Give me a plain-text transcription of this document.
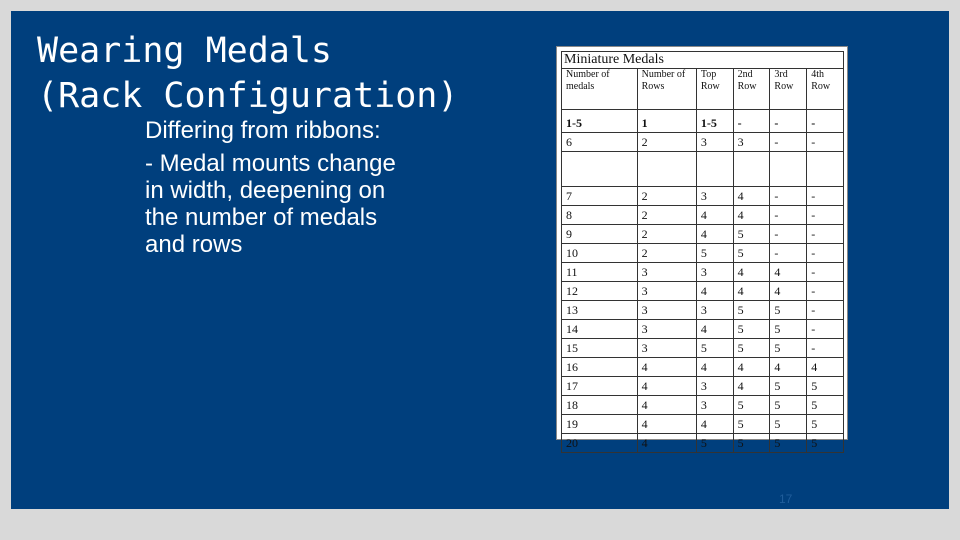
Wearing Medals
(Rack Configuration)
Differing from ribbons:
- Medal mounts change
in width, deepening on
the number of medals
and rows
Miniature Medals
Number of medals	Number of Rows	Top Row	2nd Row	3rd Row	4th Row
1-5	1	1-5	-	-	-
6	2	3	3	-	-

7	2	3	4	-	-
8	2	4	4	-	-
9	2	4	5	-	-
10	2	5	5	-	-
11	3	3	4	4	-
12	3	4	4	4	-
13	3	3	5	5	-
14	3	4	5	5	-
15	3	5	5	5	-
16	4	4	4	4	4
17	4	3	4	5	5
18	4	3	5	5	5
19	4	4	5	5	5
20	4	5	5	5	5
17
